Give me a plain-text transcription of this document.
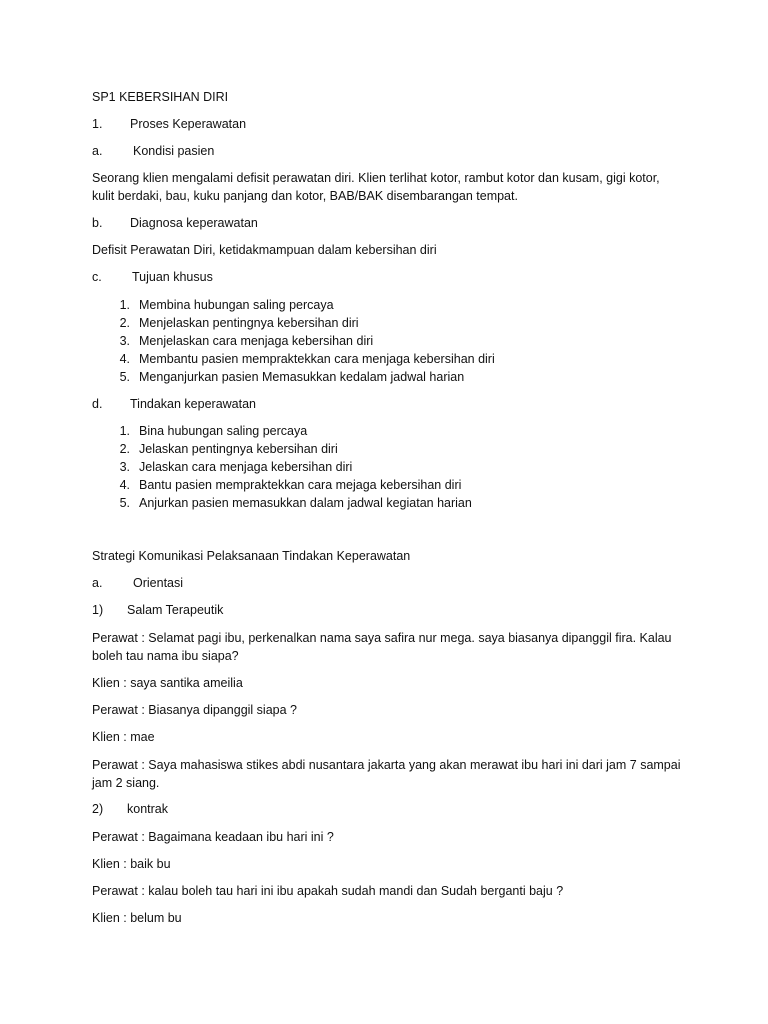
SP1 KEBERSIHAN DIRI
1. Proses Keperawatan
a. Kondisi pasien
Seorang klien mengalami defisit perawatan diri. Klien terlihat kotor, rambut kotor dan kusam, gigi kotor, kulit berdaki, bau, kuku panjang dan kotor, BAB/BAK disembarangan tempat.
b. Diagnosa keperawatan
Defisit Perawatan Diri, ketidakmampuan dalam kebersihan diri
c. Tujuan khusus
1. Membina hubungan saling percaya
2. Menjelaskan pentingnya kebersihan diri
3. Menjelaskan cara menjaga kebersihan diri
4. Membantu pasien mempraktekkan cara menjaga kebersihan diri
5. Menganjurkan pasien Memasukkan kedalam jadwal harian
d. Tindakan keperawatan
1. Bina hubungan saling percaya
2. Jelaskan pentingnya kebersihan diri
3. Jelaskan cara menjaga kebersihan diri
4. Bantu pasien mempraktekkan cara mejaga kebersihan diri
5. Anjurkan pasien memasukkan dalam jadwal kegiatan harian
Strategi Komunikasi Pelaksanaan Tindakan Keperawatan
a. Orientasi
1) Salam Terapeutik
Perawat : Selamat pagi ibu, perkenalkan nama saya safira nur mega. saya biasanya dipanggil fira. Kalau boleh tau nama ibu siapa?
Klien : saya santika ameilia
Perawat : Biasanya dipanggil siapa ?
Klien : mae
Perawat : Saya mahasiswa stikes abdi nusantara jakarta yang akan merawat ibu hari ini dari jam 7 sampai jam 2 siang.
2) kontrak
Perawat : Bagaimana keadaan ibu hari ini ?
Klien : baik bu
Perawat : kalau boleh tau hari ini ibu apakah sudah mandi dan Sudah berganti baju ?
Klien : belum bu
